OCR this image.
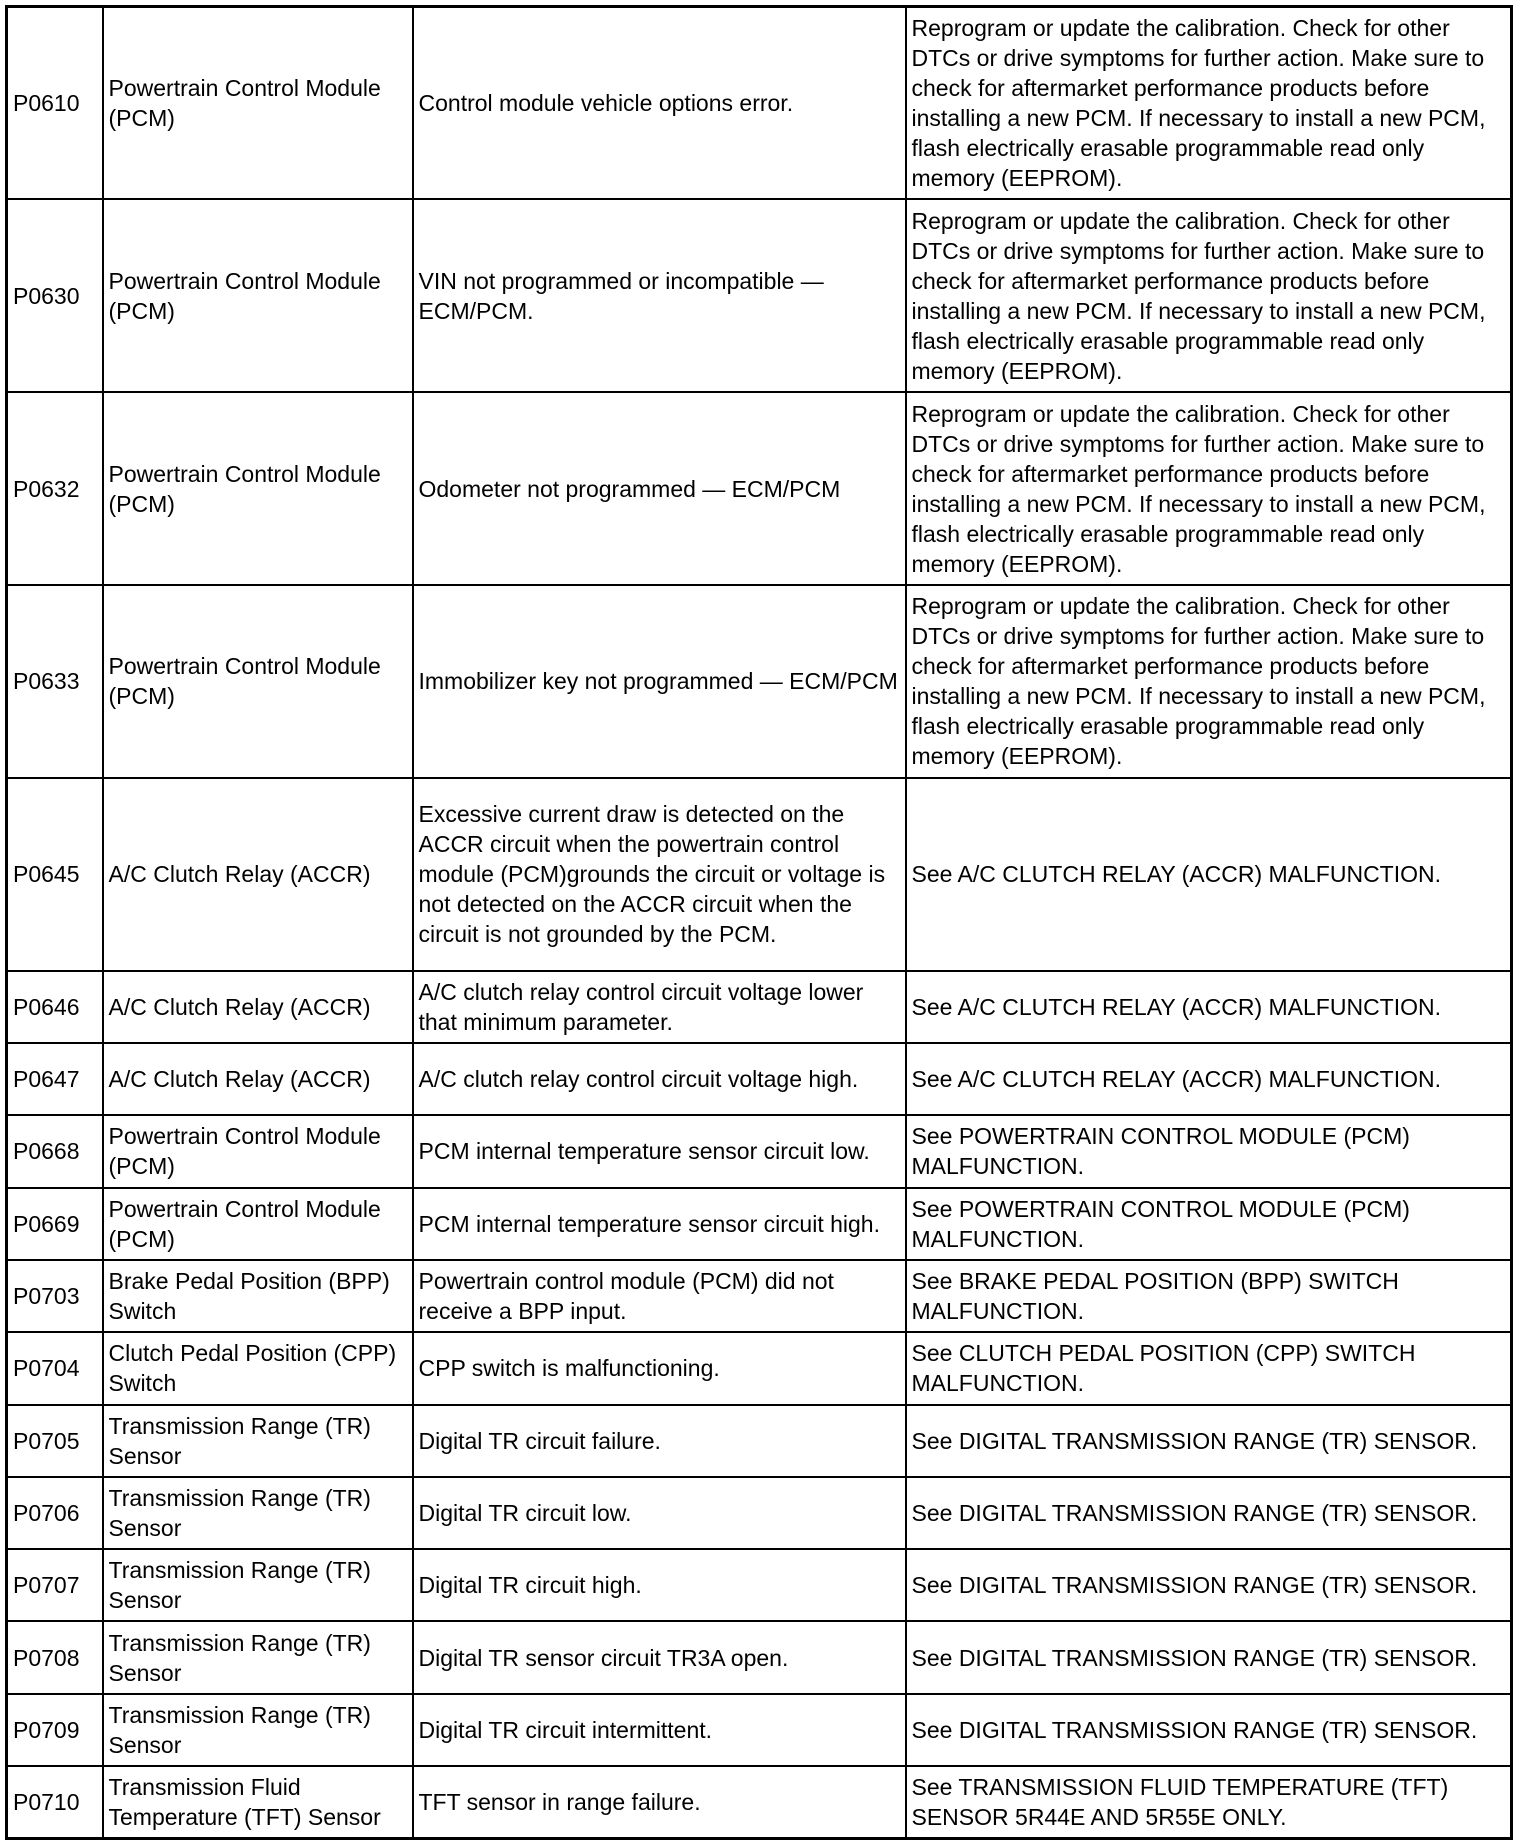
P0610	Powertrain Control Module (PCM)	Control module vehicle options error.	Reprogram or update the calibration. Check for other DTCs or drive symptoms for further action. Make sure to check for aftermarket performance products before installing a new PCM. If necessary to install a new PCM, flash electrically erasable programmable read only memory (EEPROM).
P0630	Powertrain Control Module (PCM)	VIN not programmed or incompatible — ECM/PCM.	Reprogram or update the calibration. Check for other DTCs or drive symptoms for further action. Make sure to check for aftermarket performance products before installing a new PCM. If necessary to install a new PCM, flash electrically erasable programmable read only memory (EEPROM).
P0632	Powertrain Control Module (PCM)	Odometer not programmed — ECM/PCM	Reprogram or update the calibration. Check for other DTCs or drive symptoms for further action. Make sure to check for aftermarket performance products before installing a new PCM. If necessary to install a new PCM, flash electrically erasable programmable read only memory (EEPROM).
P0633	Powertrain Control Module (PCM)	Immobilizer key not programmed — ECM/PCM	Reprogram or update the calibration. Check for other DTCs or drive symptoms for further action. Make sure to check for aftermarket performance products before installing a new PCM. If necessary to install a new PCM, flash electrically erasable programmable read only memory (EEPROM).
P0645	A/C Clutch Relay (ACCR)	Excessive current draw is detected on the ACCR circuit when the powertrain control module (PCM)grounds the circuit or voltage is not detected on the ACCR circuit when the circuit is not grounded by the PCM.	See A/C CLUTCH RELAY (ACCR) MALFUNCTION.
P0646	A/C Clutch Relay (ACCR)	A/C clutch relay control circuit voltage lower that minimum parameter.	See A/C CLUTCH RELAY (ACCR) MALFUNCTION.
P0647	A/C Clutch Relay (ACCR)	A/C clutch relay control circuit voltage high.	See A/C CLUTCH RELAY (ACCR) MALFUNCTION.
P0668	Powertrain Control Module (PCM)	PCM internal temperature sensor circuit low.	See POWERTRAIN CONTROL MODULE (PCM) MALFUNCTION.
P0669	Powertrain Control Module (PCM)	PCM internal temperature sensor circuit high.	See POWERTRAIN CONTROL MODULE (PCM) MALFUNCTION.
P0703	Brake Pedal Position (BPP) Switch	Powertrain control module (PCM) did not receive a BPP input.	See BRAKE PEDAL POSITION (BPP) SWITCH MALFUNCTION.
P0704	Clutch Pedal Position (CPP) Switch	CPP switch is malfunctioning.	See CLUTCH PEDAL POSITION (CPP) SWITCH MALFUNCTION.
P0705	Transmission Range (TR) Sensor	Digital TR circuit failure.	See DIGITAL TRANSMISSION RANGE (TR) SENSOR.
P0706	Transmission Range (TR) Sensor	Digital TR circuit low.	See DIGITAL TRANSMISSION RANGE (TR) SENSOR.
P0707	Transmission Range (TR) Sensor	Digital TR circuit high.	See DIGITAL TRANSMISSION RANGE (TR) SENSOR.
P0708	Transmission Range (TR) Sensor	Digital TR sensor circuit TR3A open.	See DIGITAL TRANSMISSION RANGE (TR) SENSOR.
P0709	Transmission Range (TR) Sensor	Digital TR circuit intermittent.	See DIGITAL TRANSMISSION RANGE (TR) SENSOR.
P0710	Transmission Fluid Temperature (TFT) Sensor	TFT sensor in range failure.	See TRANSMISSION FLUID TEMPERATURE (TFT) SENSOR 5R44E AND 5R55E ONLY.
